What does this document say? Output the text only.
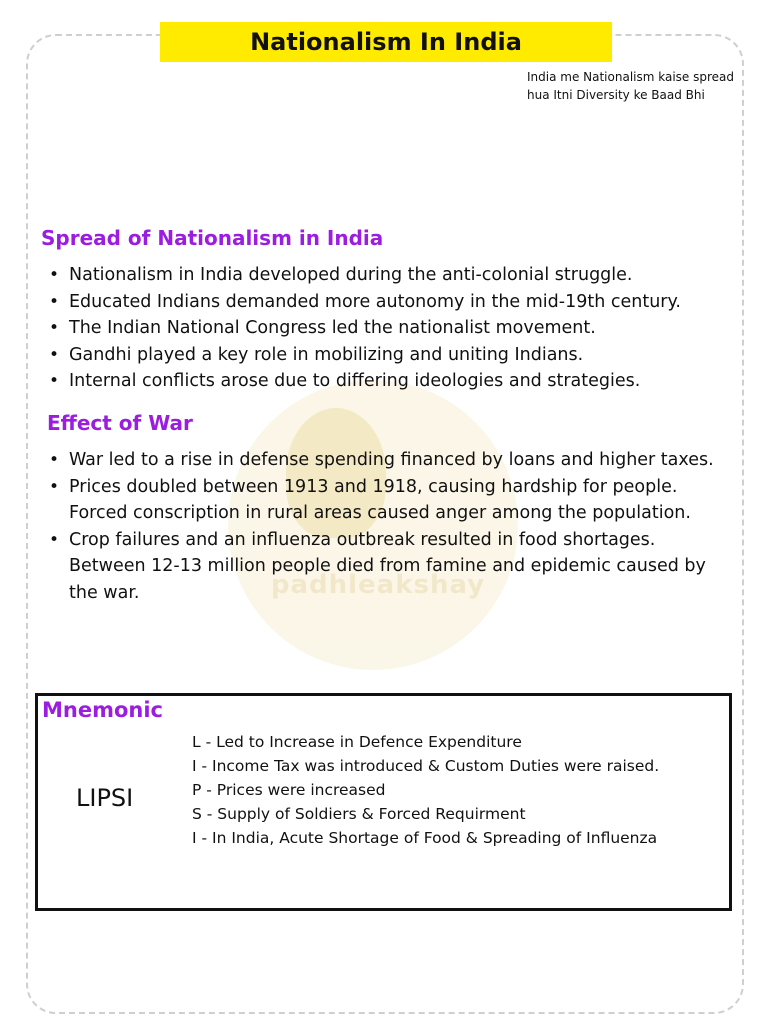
padhleakshay
Nationalism In India
India me Nationalism kaise spread hua Itni Diversity ke Baad Bhi
Spread of Nationalism in India
• Nationalism in India developed during the anti-colonial struggle.
• Educated Indians demanded more autonomy in the mid-19th century.
• The Indian National Congress led the nationalist movement.
• Gandhi played a key role in mobilizing and uniting Indians.
• Internal conflicts arose due to differing ideologies and strategies.
Effect of War
• War led to a rise in defense spending financed by loans and higher taxes.
• Prices doubled between 1913 and 1918, causing hardship for people. Forced conscription in rural areas caused anger among the population.
• Crop failures and an influenza outbreak resulted in food shortages. Between 12-13 million people died from famine and epidemic caused by the war.
Mnemonic
LIPSI
L - Led to Increase in Defence Expenditure
I - Income Tax was introduced & Custom Duties were raised.
P - Prices were increased
S - Supply of Soldiers & Forced Requirment
I - In India, Acute Shortage of Food & Spreading of Influenza
